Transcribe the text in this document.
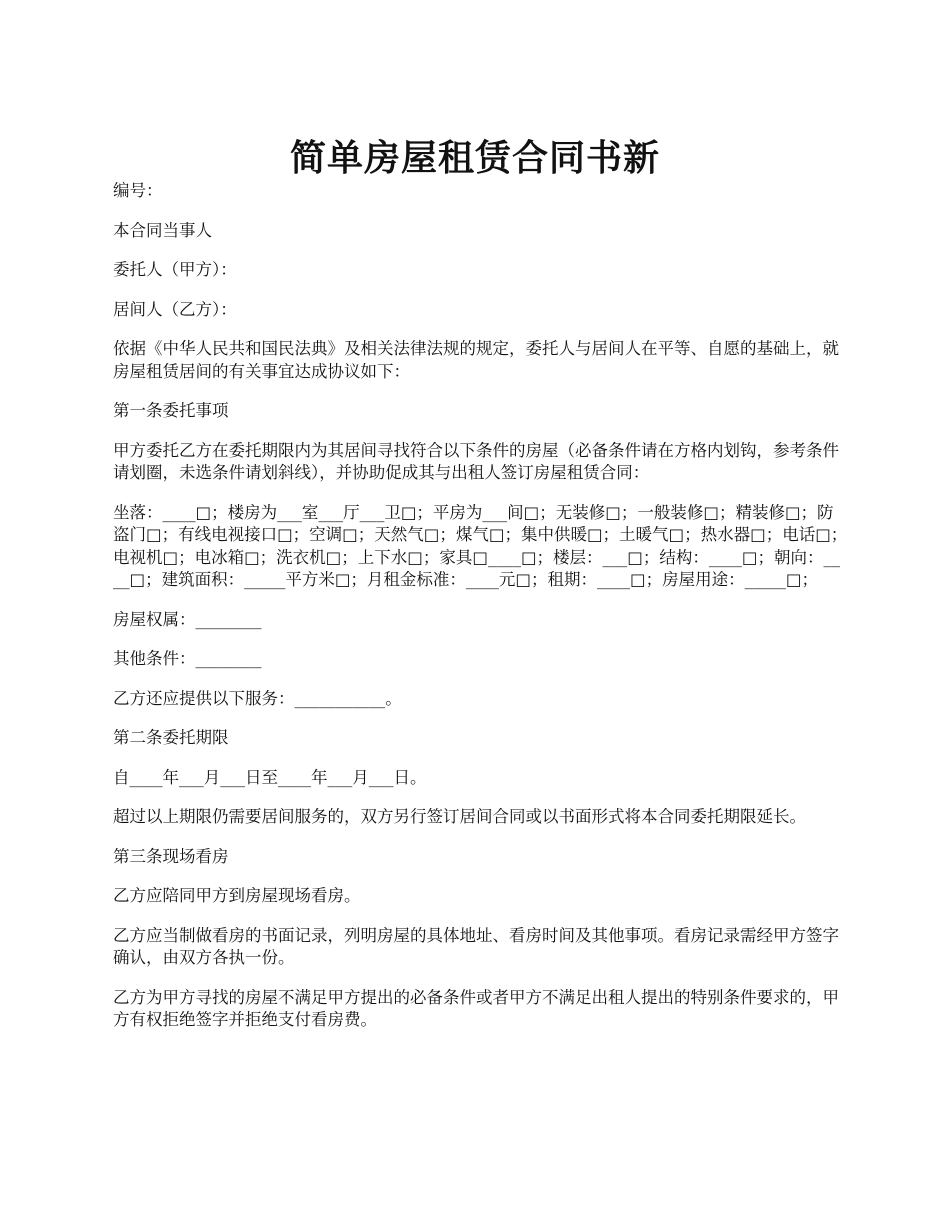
简单房屋租赁合同书新

编号：

本合同当事人

委托人（甲方）：

居间人（乙方）：

依据《中华人民共和国民法典》及相关法律法规的规定，委托人与居间人在平等、自愿的基础上，就房屋租赁居间的有关事宜达成协议如下：

第一条委托事项

甲方委托乙方在委托期限内为其居间寻找符合以下条件的房屋（必备条件请在方格内划钩，参考条件请划圈，未选条件请划斜线），并协助促成其与出租人签订房屋租赁合同：

坐落：____□；楼房为___室___厅___卫□；平房为___间□；无装修□；一般装修□；精装修□；防盗门□；有线电视接口□；空调□；天然气□；煤气□；集中供暖□；土暖气□；热水器□；电话□；电视机□；电冰箱□；洗衣机□；上下水□；家具□____□；楼层：___□；结构：____□；朝向：____□；建筑面积：_____平方米□；月租金标准：____元□；租期：____□；房屋用途：_____□；

房屋权属：________

其他条件：________

乙方还应提供以下服务：___________。

第二条委托期限

自____年___月___日至____年___月___日。

超过以上期限仍需要居间服务的，双方另行签订居间合同或以书面形式将本合同委托期限延长。

第三条现场看房

乙方应陪同甲方到房屋现场看房。

乙方应当制做看房的书面记录，列明房屋的具体地址、看房时间及其他事项。看房记录需经甲方签字确认，由双方各执一份。

乙方为甲方寻找的房屋不满足甲方提出的必备条件或者甲方不满足出租人提出的特别条件要求的，甲方有权拒绝签字并拒绝支付看房费。
